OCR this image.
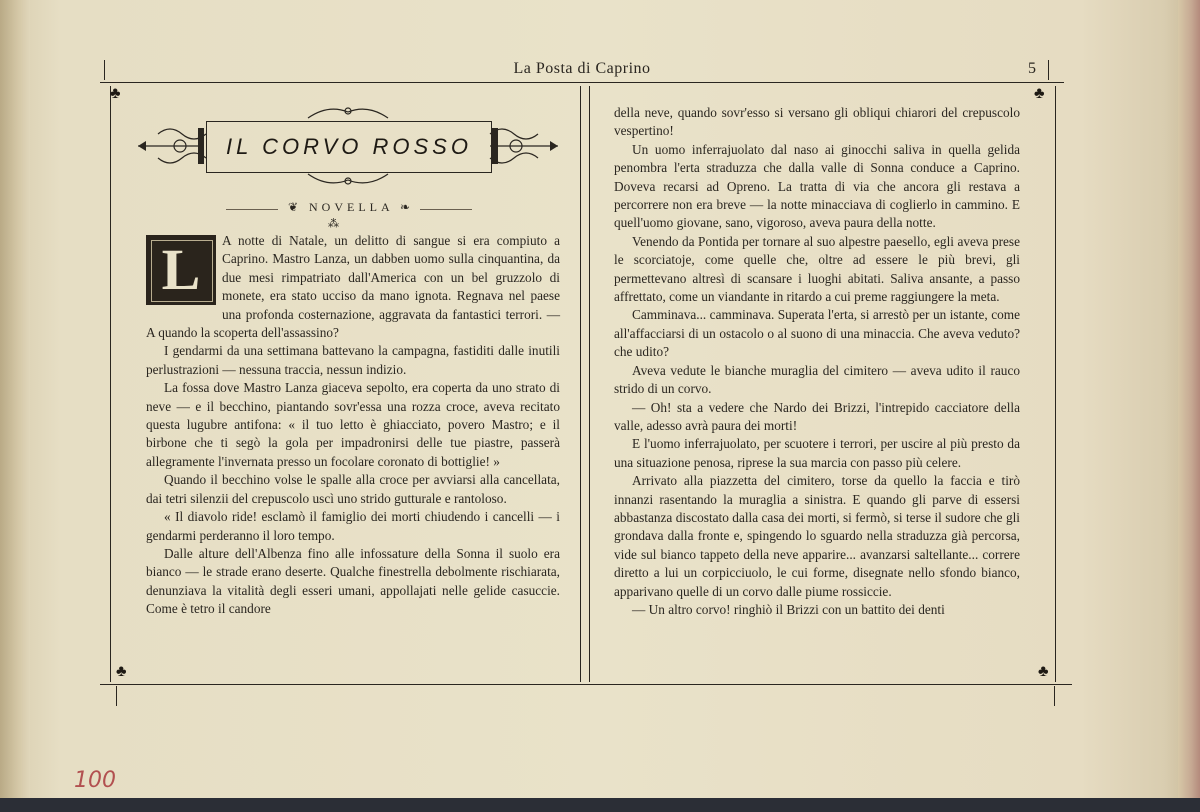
La Posta di Caprino	5
♣	♣
♣	♣
IL CORVO ROSSO
❦ NOVELLA ❧
⁂
L	A notte di Natale, un delitto di sangue si era compiuto a Caprino. Mastro Lanza, un dabben uomo sulla cinquantina, da due mesi rimpatriato dall'America con un bel gruzzolo di monete, era stato ucciso da mano ignota. Regnava nel paese una profonda costernazione, aggravata da fantastici terrori. — A quando la scoperta dell'assassino?

I gendarmi da una settimana battevano la campagna, fastiditi dalle inutili perlustrazioni — nessuna traccia, nessun indizio.

La fossa dove Mastro Lanza giaceva sepolto, era coperta da uno strato di neve — e il becchino, piantando sovr'essa una rozza croce, aveva recitato questa lugubre antifona: « il tuo letto è ghiacciato, povero Mastro; e il birbone che ti segò la gola per impadronirsi delle tue piastre, passerà allegramente l'invernata presso un focolare coronato di bottiglie! »

Quando il becchino volse le spalle alla croce per avviarsi alla cancellata, dai tetri silenzii del crepuscolo uscì uno strido gutturale e rantoloso.

« Il diavolo ride! esclamò il famiglio dei morti chiudendo i cancelli — i gendarmi perderanno il loro tempo.

Dalle alture dell'Albenza fino alle infossature della Sonna il suolo era bianco — le strade erano deserte. Qualche finestrella debolmente rischiarata, denunziava la vitalità degli esseri umani, appollajati nelle gelide casuccie. Come è tetro il candore

della neve, quando sovr'esso si versano gli obliqui chiarori del crepuscolo vespertino!

Un uomo inferrajuolato dal naso ai ginocchi saliva in quella gelida penombra l'erta straduzza che dalla valle di Sonna conduce a Caprino. Doveva recarsi ad Opreno. La tratta di via che ancora gli restava a percorrere non era breve — la notte minacciava di coglierlo in cammino. E quell'uomo giovane, sano, vigoroso, aveva paura della notte.

Venendo da Pontida per tornare al suo alpestre paesello, egli aveva prese le scorciatoje, come quelle che, oltre ad essere le più brevi, gli permettevano altresì di scansare i luoghi abitati. Saliva ansante, a passo affrettato, come un viandante in ritardo a cui preme raggiungere la meta.

Camminava... camminava. Superata l'erta, si arrestò per un istante, come all'affacciarsi di un ostacolo o al suono di una minaccia. Che aveva veduto? che udito?

Aveva vedute le bianche muraglia del cimitero — aveva udito il rauco strido di un corvo.

— Oh! sta a vedere che Nardo dei Brizzi, l'intrepido cacciatore della valle, adesso avrà paura dei morti!

E l'uomo inferrajuolato, per scuotere i terrori, per uscire al più presto da una situazione penosa, riprese la sua marcia con passo più celere.

Arrivato alla piazzetta del cimitero, torse da quello la faccia e tirò innanzi rasentando la muraglia a sinistra. E quando gli parve di essersi abbastanza discostato dalla casa dei morti, si fermò, si terse il sudore che gli grondava dalla fronte e, spingendo lo sguardo nella straduzza già percorsa, vide sul bianco tappeto della neve apparire... avanzarsi saltellante... correre diretto a lui un corpicciuolo, le cui forme, disegnate nello sfondo bianco, apparivano quelle di un corvo dalle piume rossiccie.

— Un altro corvo! ringhiò il Brizzi con un battito dei denti

100
